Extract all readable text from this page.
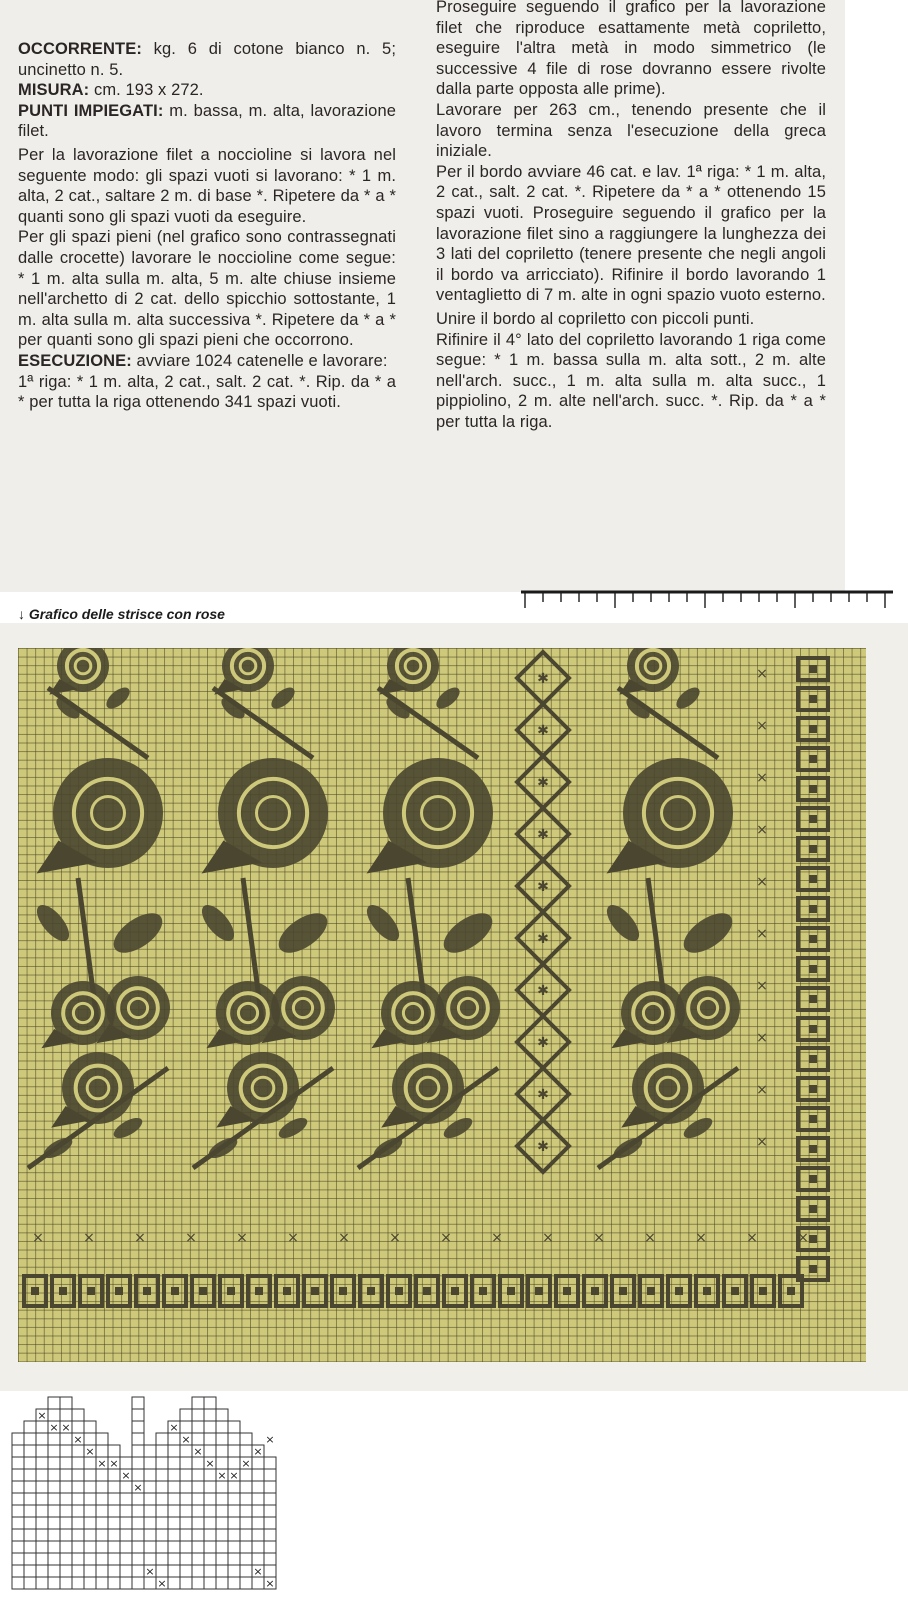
OCCORRENTE: kg. 6 di cotone bianco n. 5; uncinetto n. 5.

MISURA: cm. 193 x 272.

PUNTI IMPIEGATI: m. bassa, m. alta, lavorazione filet.

Per la lavorazione filet a noccioline si lavora nel seguente modo: gli spazi vuoti si lavorano: * 1 m. alta, 2 cat., saltare 2 m. di base *. Ripetere da * a * quanti sono gli spazi vuoti da eseguire.

Per gli spazi pieni (nel grafico sono contrassegnati dalle crocette) lavorare le noccioline come segue: * 1 m. alta sulla m. alta, 5 m. alte chiuse insieme nell'archetto di 2 cat. dello spicchio sottostante, 1 m. alta sulla m. alta successiva *. Ripetere da * a * per quanti sono gli spazi pieni che occorrono.

ESECUZIONE: avviare 1024 catenelle e lavorare:

1ª riga: * 1 m. alta, 2 cat., salt. 2 cat. *. Rip. da * a * per tutta la riga ottenendo 341 spazi vuoti.

Proseguire seguendo il grafico per la lavorazione filet che riproduce esattamente metà copriletto, eseguire l'altra metà in modo simmetrico (le successive 4 file di rose dovranno essere rivolte dalla parte opposta alle prime).

Lavorare per 263 cm., tenendo presente che il lavoro termina senza l'esecuzione della greca iniziale.

Per il bordo avviare 46 cat. e lav. 1ª riga: * 1 m. alta, 2 cat., salt. 2 cat. *. Ripetere da * a * ottenendo 15 spazi vuoti. Proseguire seguendo il grafico per la lavorazione filet sino a raggiungere la lunghezza dei 3 lati del copriletto (tenere presente che negli angoli il bordo va arricciato). Rifinire il bordo lavorando 1 ventaglietto di 7 m. alte in ogni spazio vuoto esterno.

Unire il bordo al copriletto con piccoli punti.

Rifinire il 4° lato del copriletto lavorando 1 riga come segue: * 1 m. bassa sulla m. alta sott., 2 m. alte nell'arch. succ., 1 m. alta sulla m. alta succ., 1 pippiolino, 2 m. alte nell'arch. succ. *. Rip. da * a * per tutta la riga.

↓ Grafico delle strisce con rose
✱
✱
✱
✱
✱
✱
✱
✱
✱
✱
×
×
×
×
×
×
×
×
×
×
×	×	×	×	×	×	×	×	×	×	×	×	×	×	×	×
×
× ×
×
×
× ×
×
×
×
×
×
×
× ×
×
×
×
×
×
×
×
